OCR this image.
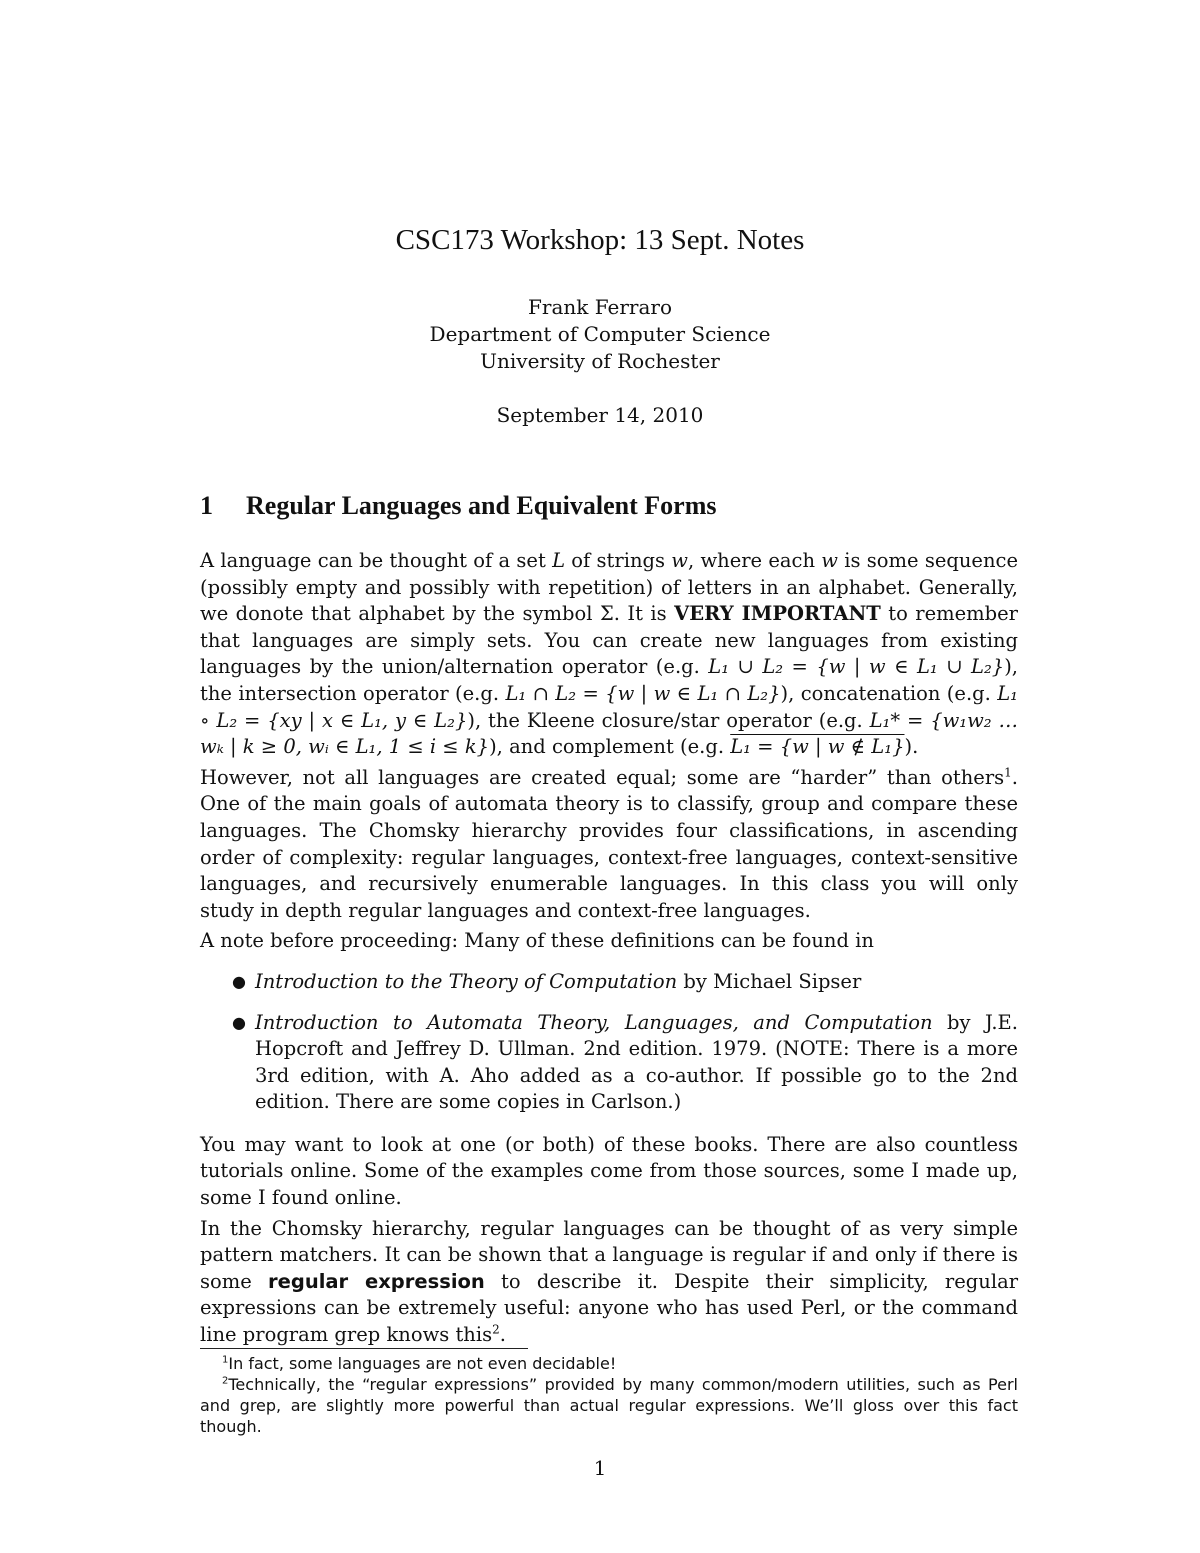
CSC173 Workshop: 13 Sept. Notes
Frank Ferraro
Department of Computer Science
University of Rochester
September 14, 2010
1 Regular Languages and Equivalent Forms

A language can be thought of a set L of strings w, where each w is some sequence (possibly empty and possibly with repetition) of letters in an alphabet. Generally, we donote that alphabet by the symbol Σ. It is VERY IMPORTANT to remember that languages are simply sets. You can create new languages from existing languages by the union/alternation operator (e.g. L₁ ∪ L₂ = {w | w ∈ L₁ ∪ L₂}), the intersection operator (e.g. L₁ ∩ L₂ = {w | w ∈ L₁ ∩ L₂}), concatenation (e.g. L₁ ∘ L₂ = {xy | x ∈ L₁, y ∈ L₂}), the Kleene closure/star operator (e.g. L₁* = {w₁w₂ … wₖ | k ≥ 0, wᵢ ∈ L₁, 1 ≤ i ≤ k}), and complement (e.g. L₁ = {w | w ∉ L₁}).

However, not all languages are created equal; some are “harder” than others$^1$. One of the main goals of automata theory is to classify, group and compare these languages. The Chomsky hierarchy provides four classifications, in ascending order of complexity: regular languages, context-free languages, context-sensitive languages, and recursively enumerable languages. In this class you will only study in depth regular languages and context-free languages.

A note before proceeding: Many of these definitions can be found in

● Introduction to the Theory of Computation by Michael Sipser
● Introduction to Automata Theory, Languages, and Computation by J.E. Hopcroft and Jeffrey D. Ullman. 2nd edition. 1979. (NOTE: There is a more 3rd edition, with A. Aho added as a co-author. If possible go to the 2nd edition. There are some copies in Carlson.)

You may want to look at one (or both) of these books. There are also countless tutorials online. Some of the examples come from those sources, some I made up, some I found online.

In the Chomsky hierarchy, regular languages can be thought of as very simple pattern matchers. It can be shown that a language is regular if and only if there is some regular expression to describe it. Despite their simplicity, regular expressions can be extremely useful: anyone who has used Perl, or the command line program grep knows this$^2$.

$^1$In fact, some languages are not even decidable!

$^2$Technically, the “regular expressions” provided by many common/modern utilities, such as Perl and grep, are slightly more powerful than actual regular expressions. We’ll gloss over this fact though.

1
